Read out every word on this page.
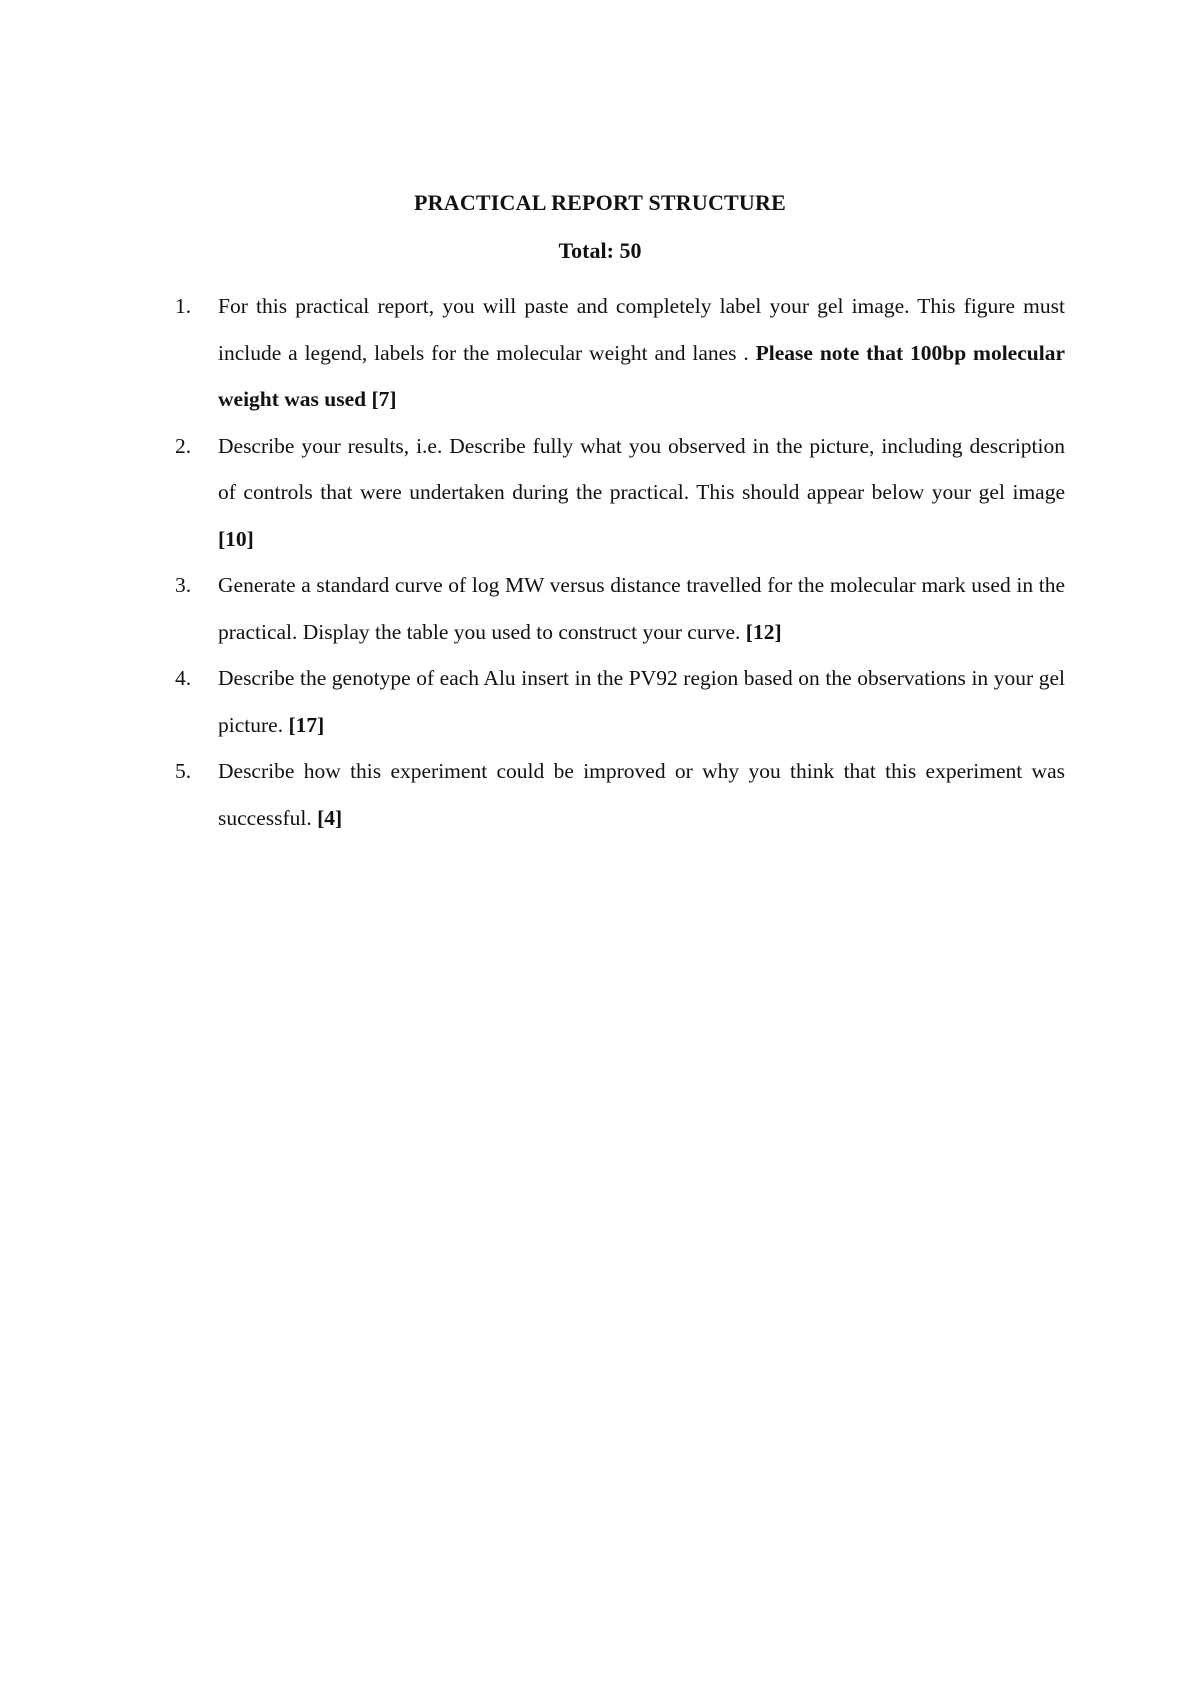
PRACTICAL REPORT STRUCTURE
Total: 50
1. For this practical report, you will paste and completely label your gel image. This figure must include a legend, labels for the molecular weight and lanes . Please note that 100bp molecular weight was used [7]
2. Describe your results, i.e. Describe fully what you observed in the picture, including description of controls that were undertaken during the practical. This should appear below your gel image [10]
3. Generate a standard curve of log MW versus distance travelled for the molecular mark used in the practical. Display the table you used to construct your curve. [12]
4. Describe the genotype of each Alu insert in the PV92 region based on the observations in your gel picture. [17]
5. Describe how this experiment could be improved or why you think that this experiment was successful. [4]
